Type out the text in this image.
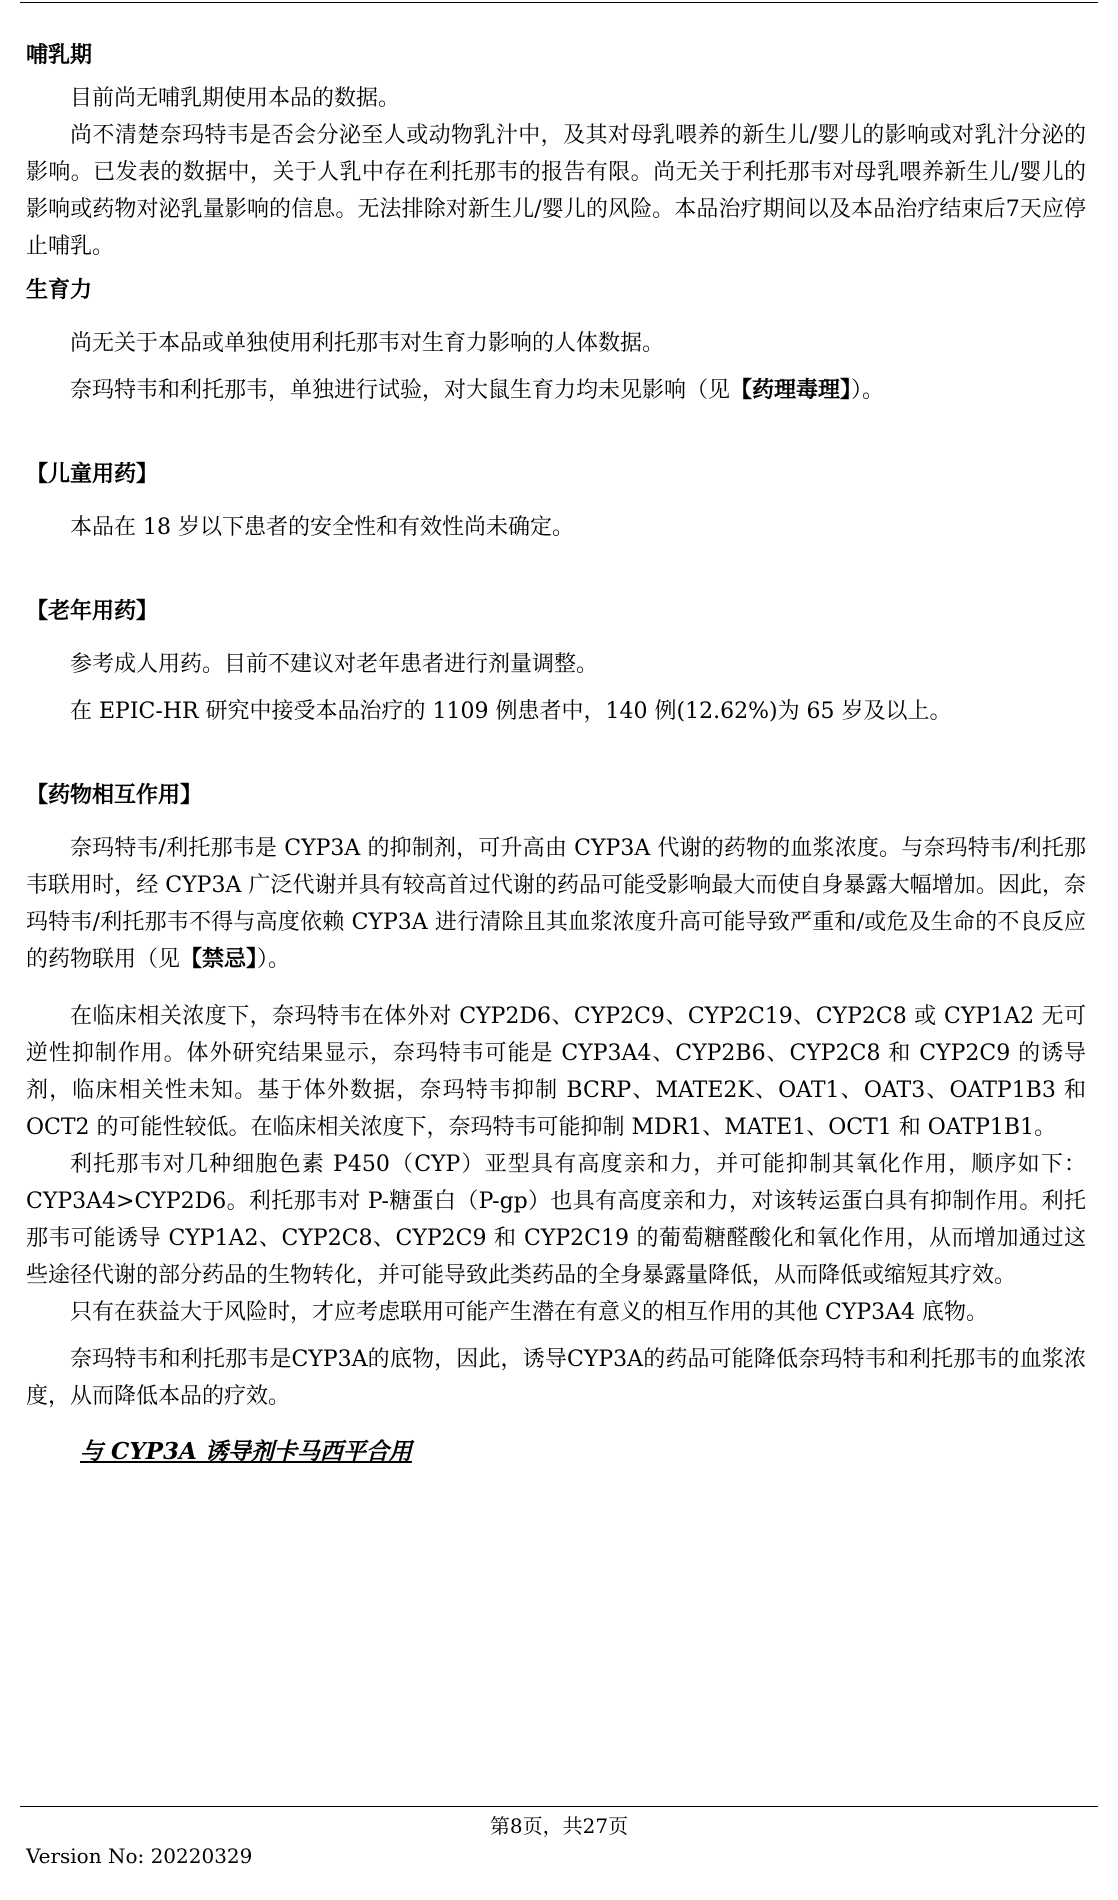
哺乳期

目前尚无哺乳期使用本品的数据。

尚不清楚奈玛特韦是否会分泌至人或动物乳汁中，及其对母乳喂养的新生儿/婴儿的影响或对乳汁分泌的影响。已发表的数据中，关于人乳中存在利托那韦的报告有限。尚无关于利托那韦对母乳喂养新生儿/婴儿的影响或药物对泌乳量影响的信息。无法排除对新生儿/婴儿的风险。本品治疗期间以及本品治疗结束后7天应停止哺乳。

生育力

尚无关于本品或单独使用利托那韦对生育力影响的人体数据。

奈玛特韦和利托那韦，单独进行试验，对大鼠生育力均未见影响（见【药理毒理】）。

【儿童用药】

本品在 18 岁以下患者的安全性和有效性尚未确定。

【老年用药】

参考成人用药。目前不建议对老年患者进行剂量调整。

在 EPIC-HR 研究中接受本品治疗的 1109 例患者中，140 例(12.62%)为 65 岁及以上。

【药物相互作用】

奈玛特韦/利托那韦是 CYP3A 的抑制剂，可升高由 CYP3A 代谢的药物的血浆浓度。与奈玛特韦/利托那韦联用时，经 CYP3A 广泛代谢并具有较高首过代谢的药品可能受影响最大而使自身暴露大幅增加。因此，奈玛特韦/利托那韦不得与高度依赖 CYP3A 进行清除且其血浆浓度升高可能导致严重和/或危及生命的不良反应的药物联用（见【禁忌】）。

在临床相关浓度下，奈玛特韦在体外对 CYP2D6、CYP2C9、CYP2C19、CYP2C8 或 CYP1A2 无可逆性抑制作用。体外研究结果显示，奈玛特韦可能是 CYP3A4、CYP2B6、CYP2C8 和 CYP2C9 的诱导剂，临床相关性未知。基于体外数据，奈玛特韦抑制 BCRP、MATE2K、OAT1、OAT3、OATP1B3 和 OCT2 的可能性较低。在临床相关浓度下，奈玛特韦可能抑制 MDR1、MATE1、OCT1 和 OATP1B1。

利托那韦对几种细胞色素 P450（CYP）亚型具有高度亲和力，并可能抑制其氧化作用，顺序如下：CYP3A4>CYP2D6。利托那韦对 P-糖蛋白（P-gp）也具有高度亲和力，对该转运蛋白具有抑制作用。利托那韦可能诱导 CYP1A2、CYP2C8、CYP2C9 和 CYP2C19 的葡萄糖醛酸化和氧化作用，从而增加通过这些途径代谢的部分药品的生物转化，并可能导致此类药品的全身暴露量降低，从而降低或缩短其疗效。

只有在获益大于风险时，才应考虑联用可能产生潜在有意义的相互作用的其他 CYP3A4 底物。

奈玛特韦和利托那韦是CYP3A的底物，因此，诱导CYP3A的药品可能降低奈玛特韦和利托那韦的血浆浓度，从而降低本品的疗效。

与 CYP3A 诱导剂卡马西平合用

第8页，共27页
Version No: 20220329
